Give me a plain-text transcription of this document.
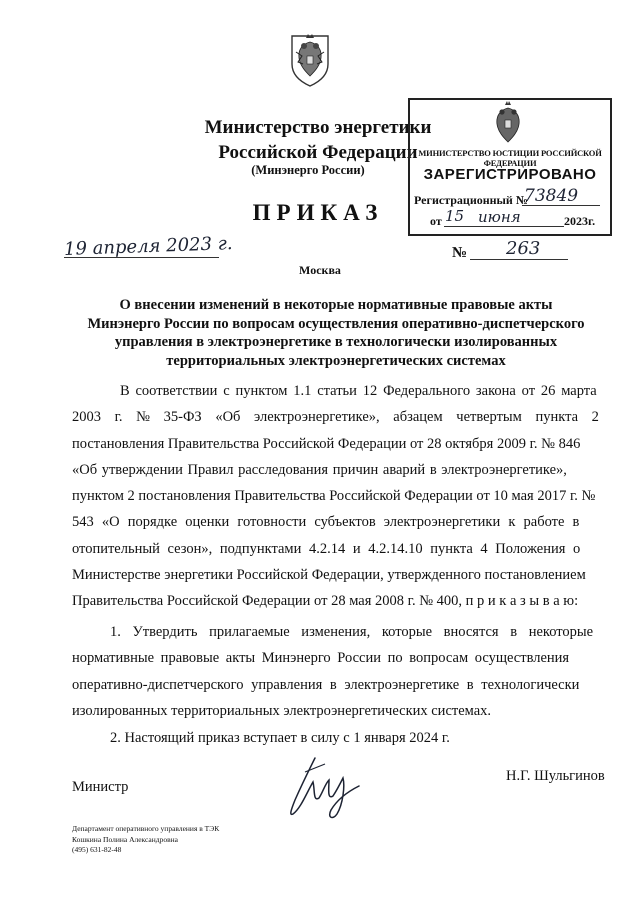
Министерство энергетики
Российской Федерации
(Минэнерго России)
ПРИКАЗ
19 апреля 2023 г.
Москва
№ 263
МИНИСТЕРСТВО ЮСТИЦИИ РОССИЙСКОЙ ФЕДЕРАЦИИ
ЗАРЕГИСТРИРОВАНО
Регистрационный №
73849
от 15 июня	2023г.
О внесении изменений в некоторые нормативные правовые акты
Минэнерго России по вопросам осуществления оперативно-диспетчерского
управления в электроэнергетике в технологически изолированных
территориальных электроэнергетических системах
В соответствии с пунктом 1.1 статьи 12 Федерального закона от 26 марта
2003 г. № 35-ФЗ «Об электроэнергетике», абзацем четвертым пункта 2
постановления Правительства Российской Федерации от 28 октября 2009 г. № 846
«Об утверждении Правил расследования причин аварий в электроэнергетике»,
пунктом 2 постановления Правительства Российской Федерации от 10 мая 2017 г. №
543 «О порядке оценки готовности субъектов электроэнергетики к работе в
отопительный сезон», подпунктами 4.2.14 и 4.2.14.10 пункта 4 Положения о
Министерстве энергетики Российской Федерации, утвержденного постановлением
Правительства Российской Федерации от 28 мая 2008 г. № 400, п р и к а з ы в а ю:
1. Утвердить прилагаемые изменения, которые вносятся в некоторые
нормативные правовые акты Минэнерго России по вопросам осуществления
оперативно-диспетчерского управления в электроэнергетике в технологически
изолированных территориальных электроэнергетических системах.
2. Настоящий приказ вступает в силу с 1 января 2024 г.
Министр
Н.Г. Шульгинов
Департамент оперативного управления в ТЭК
Кошкина Полина Александровна
(495) 631-82-48
